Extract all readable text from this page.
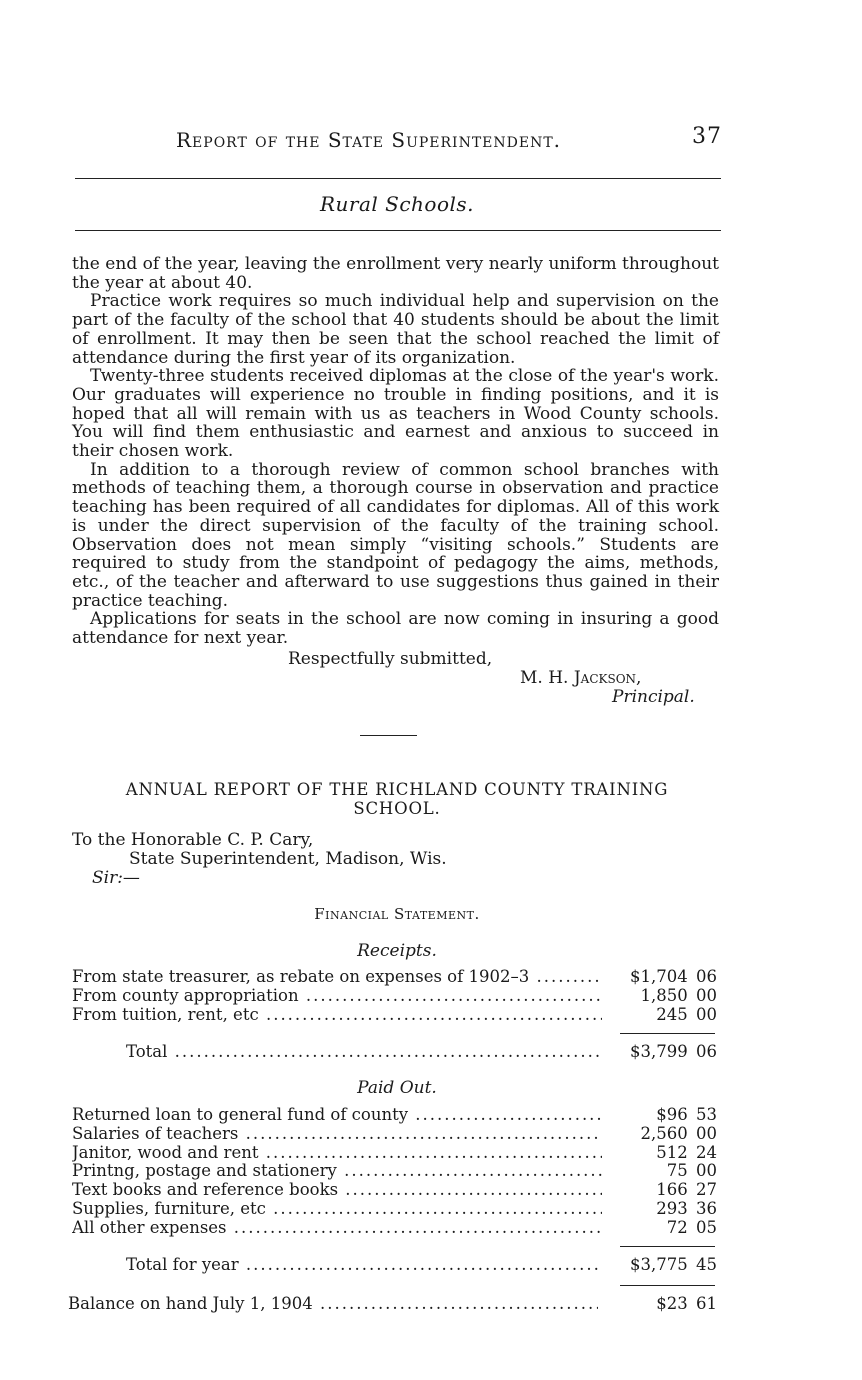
Report of the State Superintendent.	37
Rural Schools.

the end of the year, leaving the enrollment very nearly uniform throughout the year at about 40.

Practice work requires so much individual help and supervision on the part of the faculty of the school that 40 students should be about the limit of enrollment. It may then be seen that the school reached the limit of attendance during the first year of its organization.

Twenty-three students received diplomas at the close of the year's work. Our graduates will experience no trouble in finding positions, and it is hoped that all will remain with us as teachers in Wood County schools. You will find them enthusiastic and earnest and anxious to succeed in their chosen work.

In addition to a thorough review of common school branches with methods of teaching them, a thorough course in observation and practice teaching has been required of all candidates for diplomas. All of this work is under the direct supervision of the faculty of the training school. Observation does not mean simply “visiting schools.” Students are required to study from the standpoint of pedagogy the aims, methods, etc., of the teacher and afterward to use suggestions thus gained in their practice teaching.

Applications for seats in the school are now coming in insuring a good attendance for next year.

Respectfully submitted,
M. H. Jackson,
Principal.
ANNUAL REPORT OF THE RICHLAND COUNTY TRAINING
SCHOOL.
To the Honorable C. P. Cary,
State Superintendent, Madison, Wis.
Sir:—
Financial Statement.
Receipts.
From state treasurer, as rebate on expenses of 1902–3 .....	$1,704 06
From county appropriation .....	1,850 00
From tuition, rent, etc .....	245 00
Total .....	$3,799 06
Paid Out.
Returned loan to general fund of county .....	$96 53
Salaries of teachers .....	2,560 00
Janitor, wood and rent .....	512 24
Printng, postage and stationery .....	75 00
Text books and reference books .....	166 27
Supplies, furniture, etc .....	293 36
All other expenses .....	72 05
Total for year .....	$3,775 45
Balance on hand July 1, 1904 .....	$23 61
